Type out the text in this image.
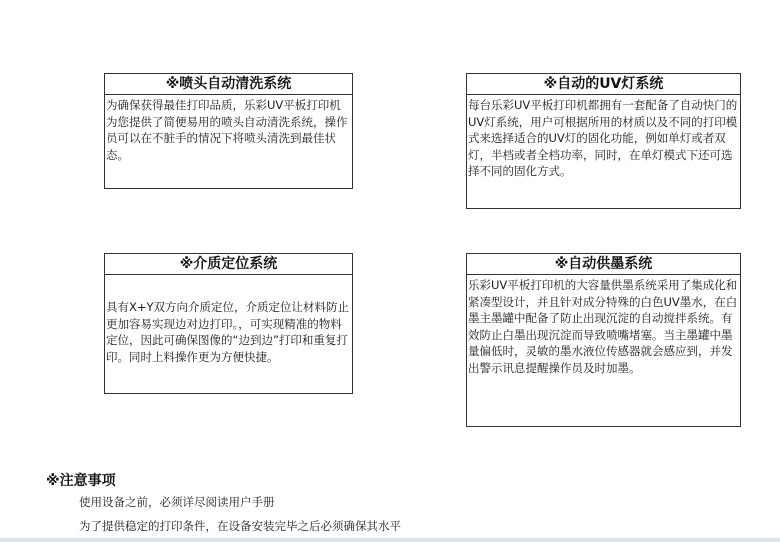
※喷头自动清洗系统
为确保获得最佳打印品质，乐彩UV平板打印机为您提供了简便易用的喷头自动清洗系统，操作员可以在不脏手的情况下将喷头清洗到最佳状态。
※自动的UV灯系统
每台乐彩UV平板打印机都拥有一套配备了自动快门的UV灯系统，用户可根据所用的材质以及不同的打印模式来选择适合的UV灯的固化功能，例如单灯或者双灯，半档或者全档功率，同时，在单灯模式下还可选择不同的固化方式。
※介质定位系统
具有X+Y双方向介质定位，介质定位让材料防止更加容易实现边对边打印。，可实现精准的物料定位，因此可确保图像的“边到边”打印和重复打印。同时上料操作更为方便快捷。
※自动供墨系统
乐彩UV平板打印机的大容量供墨系统采用了集成化和紧凑型设计，并且针对成分特殊的白色UV墨水，在白墨主墨罐中配备了防止出现沉淀的自动搅拌系统。有效防止白墨出现沉淀而导致喷嘴堵塞。当主墨罐中墨量偏低时，灵敏的墨水液位传感器就会感应到，并发出警示讯息提醒操作员及时加墨。
※注意事项
使用设备之前，必须详尽阅读用户手册
为了提供稳定的打印条件，在设备安装完毕之后必须确保其水平
